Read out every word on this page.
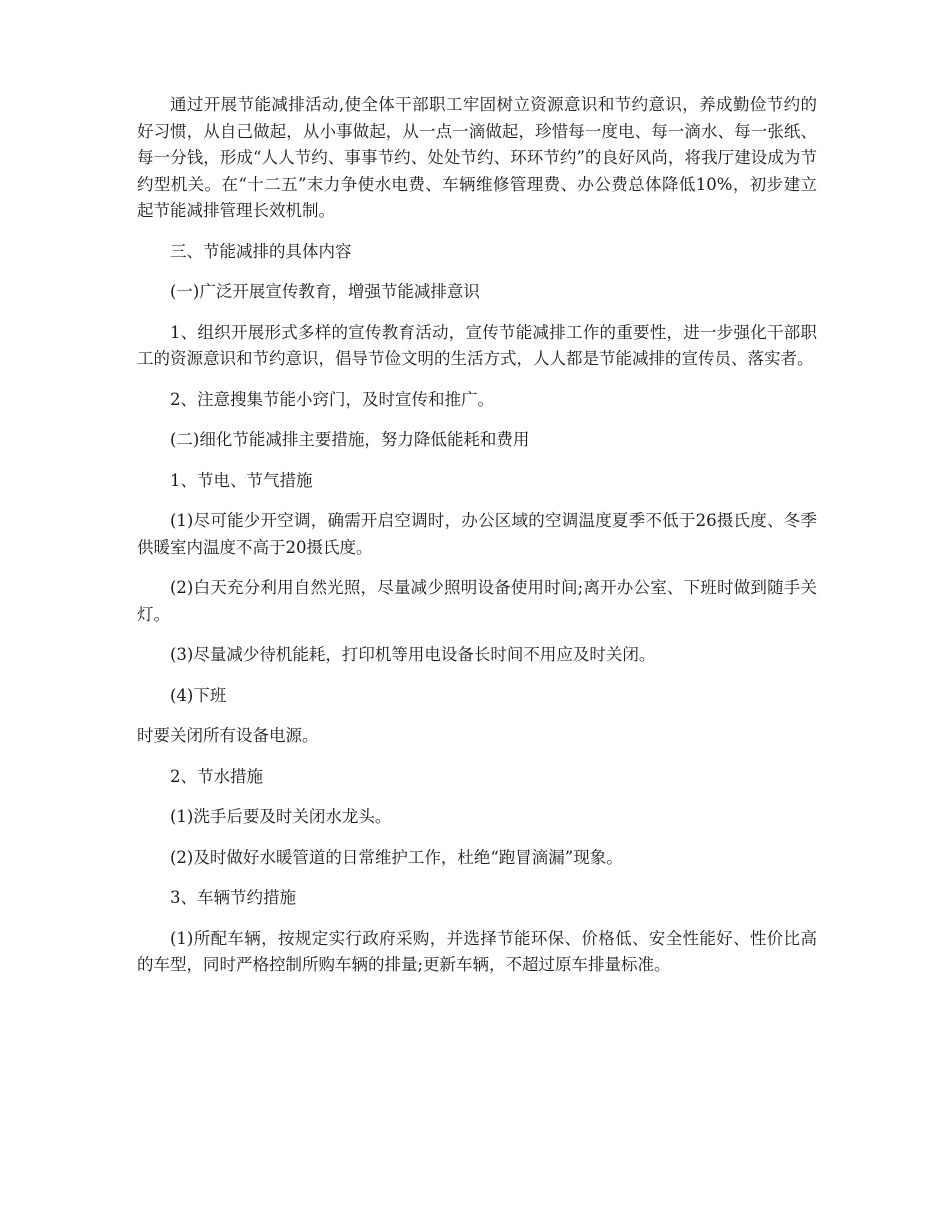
通过开展节能减排活动,使全体干部职工牢固树立资源意识和节约意识，养成勤俭节约的好习惯，从自己做起，从小事做起，从一点一滴做起，珍惜每一度电、每一滴水、每一张纸、每一分钱，形成“人人节约、事事节约、处处节约、环环节约”的良好风尚，将我厅建设成为节约型机关。在“十二五”末力争使水电费、车辆维修管理费、办公费总体降低10%，初步建立起节能减排管理长效机制。

三、节能减排的具体内容

(一)广泛开展宣传教育，增强节能减排意识

1、组织开展形式多样的宣传教育活动，宣传节能减排工作的重要性，进一步强化干部职工的资源意识和节约意识，倡导节俭文明的生活方式，人人都是节能减排的宣传员、落实者。

2、注意搜集节能小窍门，及时宣传和推广。

(二)细化节能减排主要措施，努力降低能耗和费用

1、节电、节气措施

(1)尽可能少开空调，确需开启空调时，办公区域的空调温度夏季不低于26摄氏度、冬季供暖室内温度不高于20摄氏度。

(2)白天充分利用自然光照，尽量减少照明设备使用时间;离开办公室、下班时做到随手关灯。

(3)尽量减少待机能耗，打印机等用电设备长时间不用应及时关闭。

(4)下班

时要关闭所有设备电源。

2、节水措施

(1)洗手后要及时关闭水龙头。

(2)及时做好水暖管道的日常维护工作，杜绝“跑冒滴漏”现象。

3、车辆节约措施

(1)所配车辆，按规定实行政府采购，并选择节能环保、价格低、安全性能好、性价比高的车型，同时严格控制所购车辆的排量;更新车辆，不超过原车排量标准。
